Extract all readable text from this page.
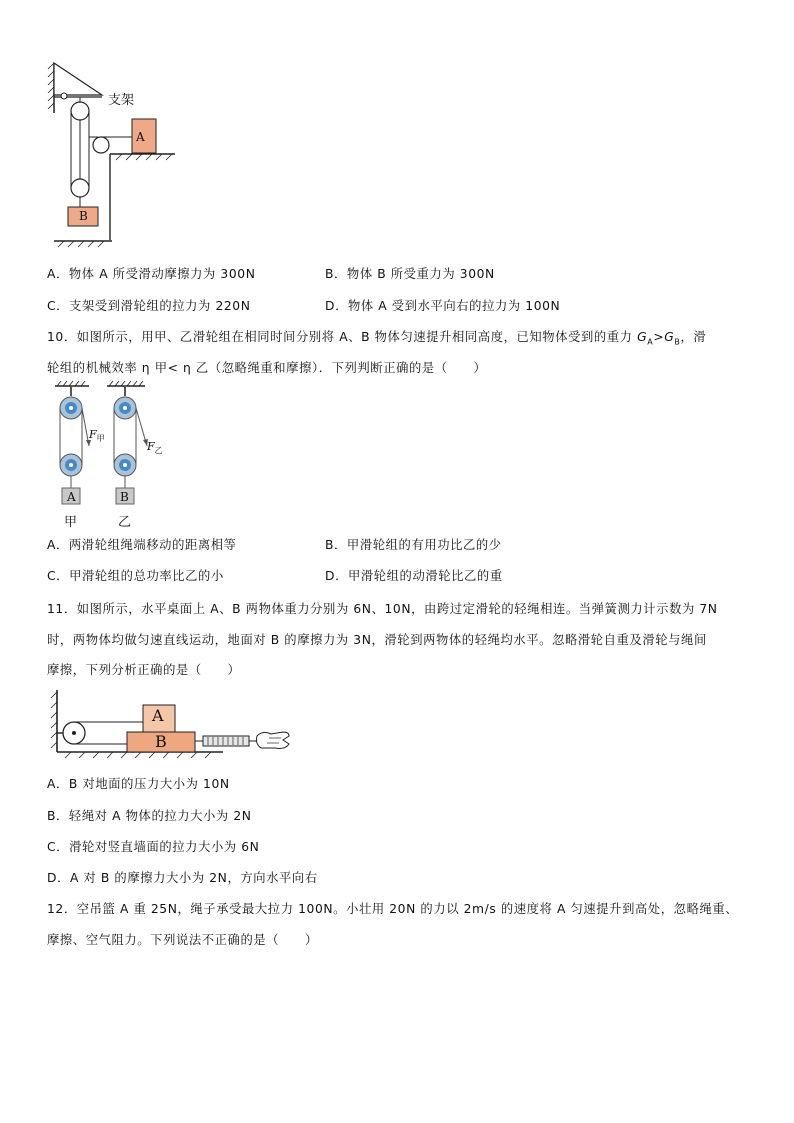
支架
A
B
A．物体 A 所受滑动摩擦力为 300N	B．物体 B 所受重力为 300N
C．支架受到滑轮组的拉力为 220N	D．物体 A 受到水平向右的拉力为 100N
10．如图所示，用甲、乙滑轮组在相同时间分别将 A、B 物体匀速提升相同高度，已知物体受到的重力 $G_A>G_B$，滑
轮组的机械效率 η 甲< η 乙（忽略绳重和摩擦）．下列判断正确的是（　　）
$F_甲$
$F_乙$
A	B
甲	乙
A．两滑轮组绳端移动的距离相等	B．甲滑轮组的有用功比乙的少
C．甲滑轮组的总功率比乙的小	D．甲滑轮组的动滑轮比乙的重
11．如图所示，水平桌面上 A、B 两物体重力分别为 6N、10N，由跨过定滑轮的轻绳相连。当弹簧测力计示数为 7N
时，两物体均做匀速直线运动，地面对 B 的摩擦力为 3N，滑轮到两物体的轻绳均水平。忽略滑轮自重及滑轮与绳间
摩擦，下列分析正确的是（　　）
A
B
A．B 对地面的压力大小为 10N
B．轻绳对 A 物体的拉力大小为 2N
C．滑轮对竖直墙面的拉力大小为 6N
D．A 对 B 的摩擦力大小为 2N，方向水平向右
12．空吊篮 A 重 25N，绳子承受最大拉力 100N。小壮用 20N 的力以 2m/s 的速度将 A 匀速提升到高处，忽略绳重、
摩擦、空气阻力。下列说法不正确的是（　　）
